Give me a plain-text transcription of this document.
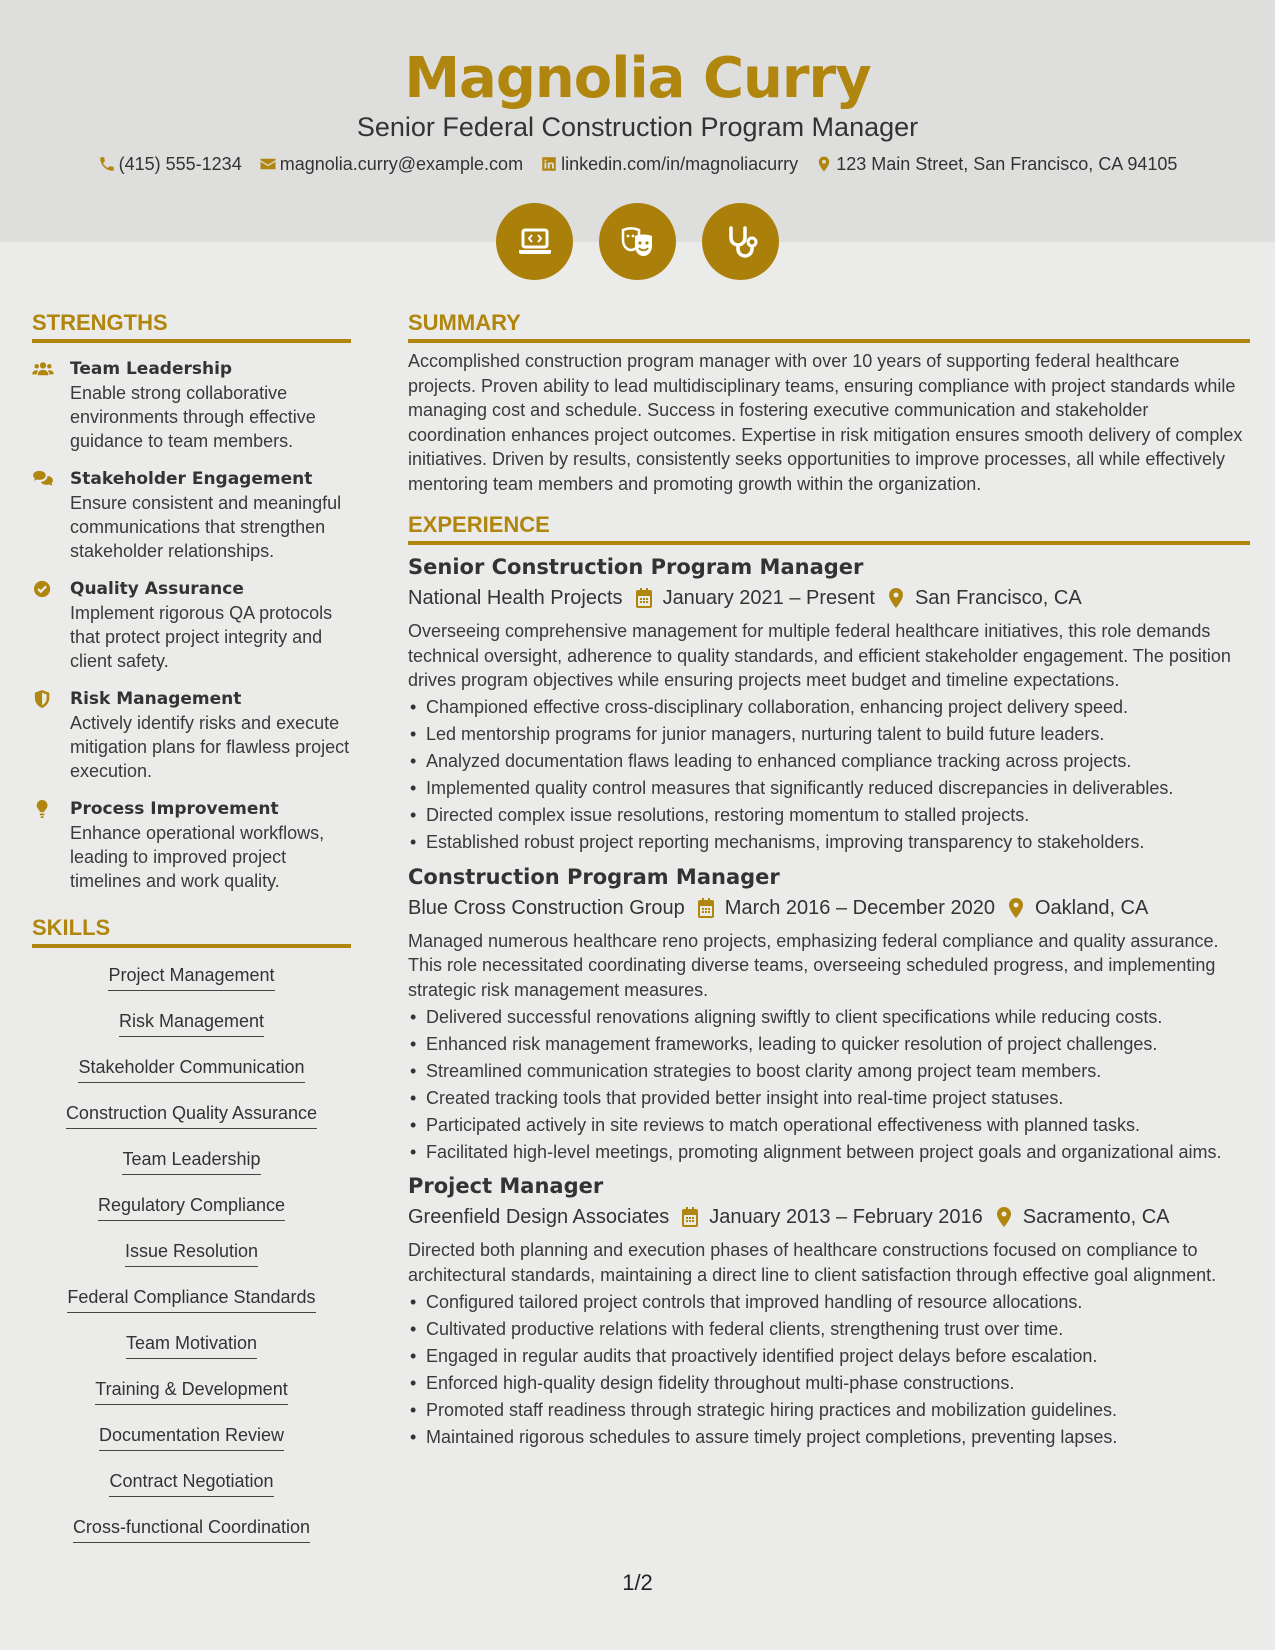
Magnolia Curry
Senior Federal Construction Program Manager
(415) 555-1234 magnolia.curry@example.com linkedin.com/in/magnoliacurry 123 Main Street, San Francisco, CA 94105
STRENGTHS
Team Leadership
Enable strong collaborative environments through effective guidance to team members.
Stakeholder Engagement
Ensure consistent and meaningful communications that strengthen stakeholder relationships.
Quality Assurance
Implement rigorous QA protocols that protect project integrity and client safety.
Risk Management
Actively identify risks and execute mitigation plans for flawless project execution.
Process Improvement
Enhance operational workflows, leading to improved project timelines and work quality.
SKILLS
Project Management
Risk Management
Stakeholder Communication
Construction Quality Assurance
Team Leadership
Regulatory Compliance
Issue Resolution
Federal Compliance Standards
Team Motivation
Training & Development
Documentation Review
Contract Negotiation
Cross-functional Coordination
SUMMARY
Accomplished construction program manager with over 10 years of supporting federal healthcare projects. Proven ability to lead multidisciplinary teams, ensuring compliance with project standards while managing cost and schedule. Success in fostering executive communication and stakeholder coordination enhances project outcomes. Expertise in risk mitigation ensures smooth delivery of complex initiatives. Driven by results, consistently seeks opportunities to improve processes, all while effectively mentoring team members and promoting growth within the organization.
EXPERIENCE
Senior Construction Program Manager
National Health Projects January 2021 – Present San Francisco, CA
Overseeing comprehensive management for multiple federal healthcare initiatives, this role demands technical oversight, adherence to quality standards, and efficient stakeholder engagement. The position drives program objectives while ensuring projects meet budget and timeline expectations.
• Championed effective cross-disciplinary collaboration, enhancing project delivery speed.
• Led mentorship programs for junior managers, nurturing talent to build future leaders.
• Analyzed documentation flaws leading to enhanced compliance tracking across projects.
• Implemented quality control measures that significantly reduced discrepancies in deliverables.
• Directed complex issue resolutions, restoring momentum to stalled projects.
• Established robust project reporting mechanisms, improving transparency to stakeholders.
Construction Program Manager
Blue Cross Construction Group March 2016 – December 2020 Oakland, CA
Managed numerous healthcare reno projects, emphasizing federal compliance and quality assurance. This role necessitated coordinating diverse teams, overseeing scheduled progress, and implementing strategic risk management measures.
• Delivered successful renovations aligning swiftly to client specifications while reducing costs.
• Enhanced risk management frameworks, leading to quicker resolution of project challenges.
• Streamlined communication strategies to boost clarity among project team members.
• Created tracking tools that provided better insight into real-time project statuses.
• Participated actively in site reviews to match operational effectiveness with planned tasks.
• Facilitated high-level meetings, promoting alignment between project goals and organizational aims.
Project Manager
Greenfield Design Associates January 2013 – February 2016 Sacramento, CA
Directed both planning and execution phases of healthcare constructions focused on compliance to architectural standards, maintaining a direct line to client satisfaction through effective goal alignment.
• Configured tailored project controls that improved handling of resource allocations.
• Cultivated productive relations with federal clients, strengthening trust over time.
• Engaged in regular audits that proactively identified project delays before escalation.
• Enforced high-quality design fidelity throughout multi-phase constructions.
• Promoted staff readiness through strategic hiring practices and mobilization guidelines.
• Maintained rigorous schedules to assure timely project completions, preventing lapses.
1/2
